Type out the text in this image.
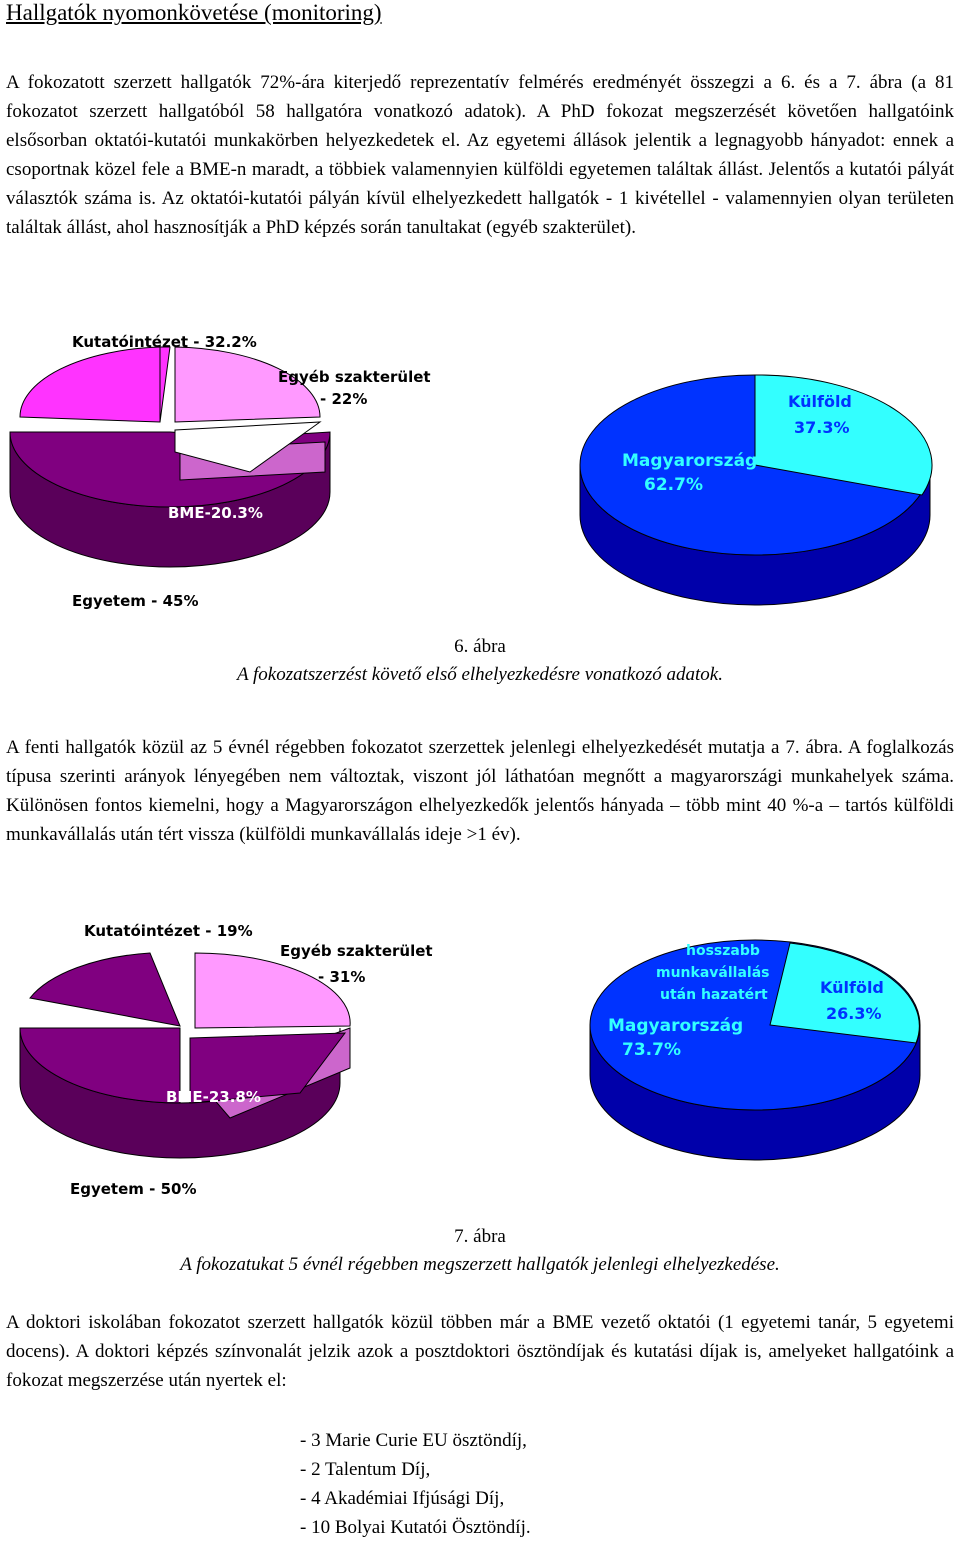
Hallgatók nyomonkövetése (monitoring)
A fokozatott szerzett hallgatók 72%-ára kiterjedő reprezentatív felmérés eredményét összegzi a 6. és a 7. ábra (a 81 fokozatot szerzett hallgatóból 58 hallgatóra vonatkozó adatok). A PhD fokozat megszerzését követően hallgatóink elsősorban oktatói-kutatói munkakörben helyezkedetek el. Az egyetemi állások jelentik a legnagyobb hányadot: ennek a csoportnak közel fele a BME-n maradt, a többiek valamennyien külföldi egyetemen találtak állást. Jelentős a kutatói pályát választók száma is. Az oktatói-kutatói pályán kívül elhelyezkedett hallgatók - 1 kivétellel - valamennyien olyan területen találtak állást, ahol hasznosítják a PhD képzés során tanultakat (egyéb szakterület).
Kutatóintézet - 32.2%
Egyéb szakterület
- 22%
BME-20.3%
Egyetem - 45%
Külföld
37.3%
Magyarország
62.7%
6. ábra
A fokozatszerzést követő első elhelyezkedésre vonatkozó adatok.
A fenti hallgatók közül az 5 évnél régebben fokozatot szerzettek jelenlegi elhelyezkedését mutatja a 7. ábra. A foglalkozás típusa szerinti arányok lényegében nem változtak, viszont jól láthatóan megnőtt a magyarországi munkahelyek száma. Különösen fontos kiemelni, hogy a Magyarországon elhelyezkedők jelentős hányada – több mint 40 %-a – tartós külföldi munkavállalás után tért vissza (külföldi munkavállalás ideje >1 év).
Kutatóintézet - 19%
Egyéb szakterület
- 31%
BME-23.8%
Egyetem - 50%
hosszabb
munkavállalás
után hazatért	Külföld
26.3%
Magyarország
73.7%
7. ábra
A fokozatukat 5 évnél régebben megszerzett hallgatók jelenlegi elhelyezkedése.
A doktori iskolában fokozatot szerzett hallgatók közül többen már a BME vezető oktatói (1 egyetemi tanár, 5 egyetemi docens). A doktori képzés színvonalát jelzik azok a posztdoktori ösztöndíjak és kutatási díjak is, amelyeket hallgatóink a fokozat megszerzése után nyertek el:
- 3 Marie Curie EU ösztöndíj,
- 2 Talentum Díj,
- 4 Akadémiai Ifjúsági Díj,
- 10 Bolyai Kutatói Ösztöndíj.
